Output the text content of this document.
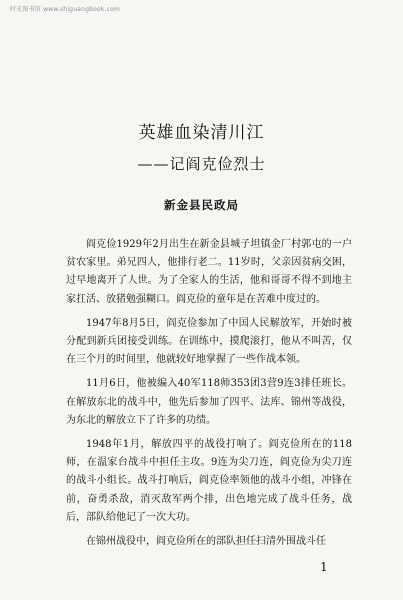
时光图书馆 www.shiguangbook.com
英雄血染清川江
——记阎克俭烈士
新金县民政局

阎克俭1929年2月出生在新金县城子坦镇金厂村郭屯的一户贫农家里。弟兄四人，他排行老二。11岁时，父亲因贫病交困，过早地离开了人世。为了全家人的生活，他和哥哥不得不到地主家扛活、放猪勉强糊口。阎克俭的童年是在苦难中度过的。

1947年8月5日，阎克俭参加了中国人民解放军，开始时被分配到新兵团接受训练。在训练中，摸爬滚打，他从不叫苦，仅在三个月的时间里，他就较好地掌握了一些作战本领。

11月6日，他被编入40军118师353团3营9连3排任班长。在解放东北的战斗中，他先后参加了四平、法库、锦州等战役，为东北的解放立下了许多的功绩。

1948年1月，解放四平的战役打响了。阎克俭所在的118师，在温家台战斗中担任主攻。9连为尖刀连，阎克俭为尖刀连的战斗小组长。战斗打响后，阎克俭率领他的战斗小组，冲锋在前，奋勇杀敌，消灭敌军两个排，出色地完成了战斗任务，战后，部队给他记了一次大功。

在锦州战役中，阎克俭所在的部队担任扫清外围战斗任

1
